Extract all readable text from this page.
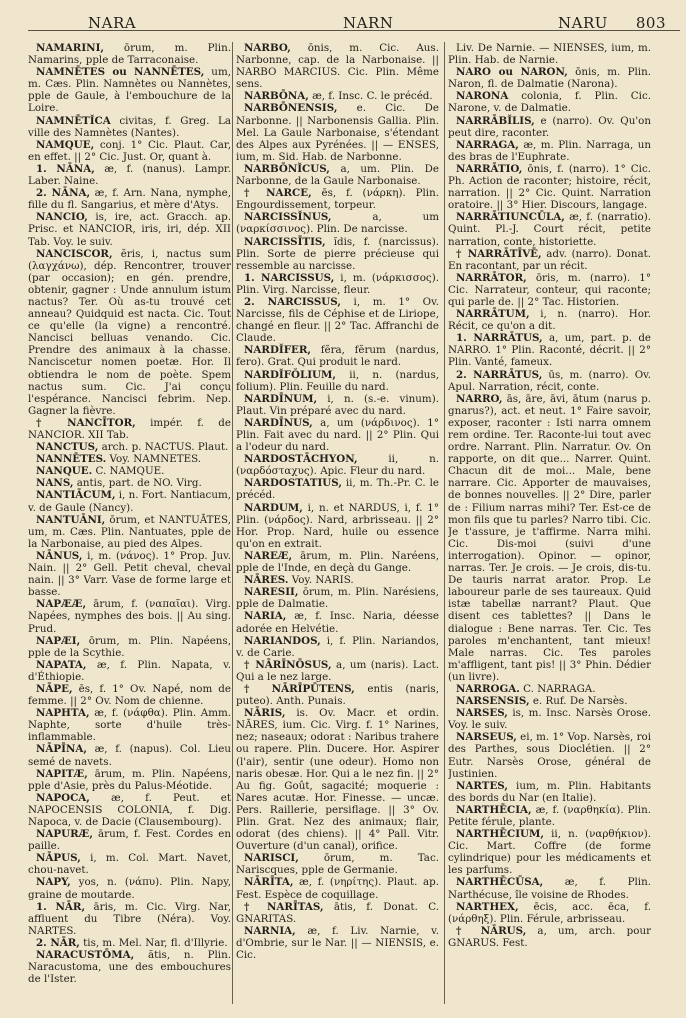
NARA	NARN	NARU 803

NAMARINI, ōrum, m. Plin. Namarins, pple de Tarraconaise.

NAMNĒTES ou NANNĒTES, um, m. Cæs. Plin. Namnètes ou Nannètes, pple de Gaule, à l'embouchure de la Loire.

NAMNĒTĬCA civitas, f. Greg. La ville des Namnètes (Nantes).

NAMQUE, conj. 1° Cic. Plaut. Car, en effet. || 2° Cic. Just. Or, quant à.

1. NĀNA, æ, f. (nanus). Lampr. Laber. Naine.

2. NĀNA, æ, f. Arn. Nana, nymphe, fille du fl. Sangarius, et mère d'Atys.

NANCIO, is, ire, act. Gracch. ap. Prisc. et NANCIOR, iris, iri, dép. XII Tab. Voy. le suiv.

NANCISCOR, ĕris, i, nactus sum (λαγχάνω), dép. Rencontrer, trouver (par occasion); en gén. prendre, obtenir, gagner : Unde annulum istum nactus? Ter. Où as-tu trouvé cet anneau? Quidquid est nacta. Cic. Tout ce qu'elle (la vigne) a rencontré. Nancisci belluas venando. Cic. Prendre des animaux à la chasse. Nanciscetur nomen poetæ. Hor. Il obtiendra le nom de poète. Spem nactus sum. Cic. J'ai conçu l'espérance. Nancisci febrim. Nep. Gagner la fièvre.

† NANCĪTOR, impér. f. de NANCIOR. XII Tab.

NANCTUS, arch. p. NACTUS. Plaut.

NANNĒTES. Voy. NAMNETES.

NANQUE. C. NAMQUE.

NANS, antis, part. de NO. Virg.

NANTIĀCUM, i, n. Fort. Nantiacum, v. de Gaule (Nancy).

NANTUĀNI, ōrum, et NANTUĀTES, um, m. Cæs. Plin. Nantuates, pple de la Narbonaise, au pied des Alpes.

NĀNUS, i, m. (νάνος). 1° Prop. Juv. Nain. || 2° Gell. Petit cheval, cheval nain. || 3° Varr. Vase de forme large et basse.

NAPÆÆ, ārum, f. (ναπαῖαι). Virg. Napées, nymphes des bois. || Au sing. Prud.

NAPÆI, ōrum, m. Plin. Napéens, pple de la Scythie.

NAPATA, æ, f. Plin. Napata, v. d'Éthiopie.

NĀPE, ēs, f. 1° Ov. Napé, nom de femme. || 2° Ov. Nom de chienne.

NAPHTA, æ, f. (νάφθα). Plin. Amm. Naphte, sorte d'huile très-inflammable.

NĀPĪNA, æ, f. (napus). Col. Lieu semé de navets.

NAPITÆ, ārum, m. Plin. Napéens, pple d'Asie, près du Palus-Méotide.

NAPOCA, æ, f. Peut. et NAPOCENSIS COLONIA, f. Dig. Napoca, v. de Dacie (Clausembourg).

NAPURÆ, ārum, f. Fest. Cordes en paille.

NĀPUS, i, m. Col. Mart. Navet, chou-navet.

NAPY, yos, n. (νάπυ). Plin. Napy, graine de moutarde.

1. NĀR, āris, m. Cic. Virg. Nar, affluent du Tibre (Néra). Voy. NARTES.

2. NĀR, tis, m. Mel. Nar, fl. d'Illyrie.

NARACUSTŌMA, ătis, n. Plin. Naracustoma, une des embouchures de l'Ister.

NARBO, ōnis, m. Cic. Aus. Narbonne, cap. de la Narbonaise. || NARBO MARCIUS. Cic. Plin. Même sens.

NARBŌNA, æ, f. Insc. C. le précéd.

NARBŌNENSIS, e. Cic. De Narbonne. || Narbonensis Gallia. Plin. Mel. La Gaule Narbonaise, s'étendant des Alpes aux Pyrénées. || — ENSES, ium, m. Sid. Hab. de Narbonne.

NARBŌNĬCUS, a, um. Plin. De Narbonne, de la Gaule Narbonaise.

† NARCE, ēs, f. (νάρκη). Plin. Engourdissement, torpeur.

NARCISSĬNUS, a, um (ναρκίσσινος). Plin. De narcisse.

NARCISSĪTIS, ĭdis, f. (narcissus). Plin. Sorte de pierre précieuse qui ressemble au narcisse.

1. NARCISSUS, i, m. (νάρκισσος). Plin. Virg. Narcisse, fleur.

2. NARCISSUS, i, m. 1° Ov. Narcisse, fils de Céphise et de Liriope, changé en fleur. || 2° Tac. Affranchi de Claude.

NARDĬFER, fĕra, fĕrum (nardus, fero). Grat. Qui produit le nard.

NARDĬFŎLIUM, ii, n. (nardus, folium). Plin. Feuille du nard.

NARDĪNUM, i, n. (s.-e. vinum). Plaut. Vin préparé avec du nard.

NARDĪNUS, a, um (νάρδινος). 1° Plin. Fait avec du nard. || 2° Plin. Qui a l'odeur du nard.

NARDOSTĀCHYON, ii, n. (ναρδόσταχυς). Apic. Fleur du nard.

NARDOSTATIUS, ii, m. Th.-Pr. C. le précéd.

NARDUM, i, n. et NARDUS, i, f. 1° Plin. (νάρδος). Nard, arbrisseau. || 2° Hor. Prop. Nard, huile ou essence qu'on en extrait.

NAREÆ, ārum, m. Plin. Naréens, pple de l'Inde, en deçà du Gange.

NĀRES. Voy. NARIS.

NARESII, ōrum, m. Plin. Narésiens, pple de Dalmatie.

NARIA, æ, f. Insc. Naria, déesse adorée en Helvétie.

NARIANDOS, i, f. Plin. Nariandos, v. de Carie.

† NĀRĪNŌSUS, a, um (naris). Lact. Qui a le nez large.

† NĀRĪPŪTENS, entis (naris, puteo). Anth. Punais.

NĀRIS, is. Ov. Macr. et ordin. NĀRES, ium. Cic. Virg. f. 1° Narines, nez; naseaux; odorat : Naribus trahere ou rapere. Plin. Ducere. Hor. Aspirer (l'air), sentir (une odeur). Homo non naris obesæ. Hor. Qui a le nez fin. || 2° Au fig. Goût, sagacité; moquerie : Nares acutæ. Hor. Finesse. — uncæ. Pers. Raillerie, persiflage. || 3° Ov. Plin. Grat. Nez des animaux; flair, odorat (des chiens). || 4° Pall. Vitr. Ouverture (d'un canal), orifice.

NARISCI, ōrum, m. Tac. Nariscques, pple de Germanie.

NĀRĪTA, æ, f. (νηρίτης). Plaut. ap. Fest. Espèce de coquillage.

† NARĪTAS, ātis, f. Donat. C. GNARITAS.

NARNIA, æ, f. Liv. Narnie, v. d'Ombrie, sur le Nar. || — NIENSIS, e. Cic.

Liv. De Narnie. — NIENSES, ium, m. Plin. Hab. de Narnie.

NARO ou NARON, ōnis, m. Plin. Naron, fl. de Dalmatie (Narona).

NARONA colonia, f. Plin. Cic. Narone, v. de Dalmatie.

NARRĀBĬLIS, e (narro). Ov. Qu'on peut dire, raconter.

NARRAGA, æ, m. Plin. Narraga, un des bras de l'Euphrate.

NARRĀTIO, ōnis, f. (narro). 1° Cic. Ph. Action de raconter; histoire, récit, narration. || 2° Cic. Quint. Narration oratoire. || 3° Hier. Discours, langage.

NARRĀTIUNCŪLA, æ, f. (narratio). Quint. Pl.-J. Court récit, petite narration, conte, historiette.

† NARRĀTĪVĒ, adv. (narro). Donat. En racontant, par un récit.

NARRĀTOR, ōris, m. (narro). 1° Cic. Narrateur, conteur, qui raconte; qui parle de. || 2° Tac. Historien.

NARRĀTUM, i, n. (narro). Hor. Récit, ce qu'on a dit.

1. NARRĀTUS, a, um, part. p. de NARRO. 1° Plin. Raconté, décrit. || 2° Plin. Vanté, fameux.

2. NARRĀTUS, ūs, m. (narro). Ov. Apul. Narration, récit, conte.

NARRO, ās, āre, āvi, ātum (narus p. gnarus?), act. et neut. 1° Faire savoir, exposer, raconter : Isti narra omnem rem ordine. Ter. Raconte-lui tout avec ordre. Narrant. Plin. Narratur. Ov. On rapporte, on dit que... Narrer. Quint. Chacun dit de moi... Male, bene narrare. Cic. Apporter de mauvaises, de bonnes nouvelles. || 2° Dire, parler de : Filium narras mihi? Ter. Est-ce de mon fils que tu parles? Narro tibi. Cic. Je t'assure, je t'affirme. Narra mihi. Cic. Dis-moi (suivi d'une interrogation). Opinor. — opinor, narras. Ter. Je crois. — Je crois, dis-tu. De tauris narrat arator. Prop. Le laboureur parle de ses taureaux. Quid istæ tabellæ narrant? Plaut. Que disent ces tablettes? || Dans le dialogue : Bene narras. Ter. Cic. Tes paroles m'enchantent, tant mieux! Male narras. Cic. Tes paroles m'affligent, tant pis! || 3° Phin. Dédier (un livre).

NARROGA. C. NARRAGA.

NARSENSIS, e. Ruf. De Narsès.

NARSES, is, m. Insc. Narsès Orose. Voy. le suiv.

NARSEUS, ei, m. 1° Vop. Narsès, roi des Parthes, sous Dioclétien. || 2° Eutr. Narsès Orose, général de Justinien.

NARTES, ium, m. Plin. Habitants des bords du Nar (en Italie).

NARTHĒCIA, æ, f. (ναρθηκία). Plin. Petite férule, plante.

NARTHĒCIUM, ii, n. (ναρθήκιον). Cic. Mart. Coffre (de forme cylindrique) pour les médicaments et les parfums.

NARTHĒCŪSA, æ, f. Plin. Narthécuse, île voisine de Rhodes.

NARTHEX, ēcis, acc. ēca, f. (νάρθηξ). Plin. Férule, arbrisseau.

† NĀRUS, a, um, arch. pour GNARUS. Fest.
